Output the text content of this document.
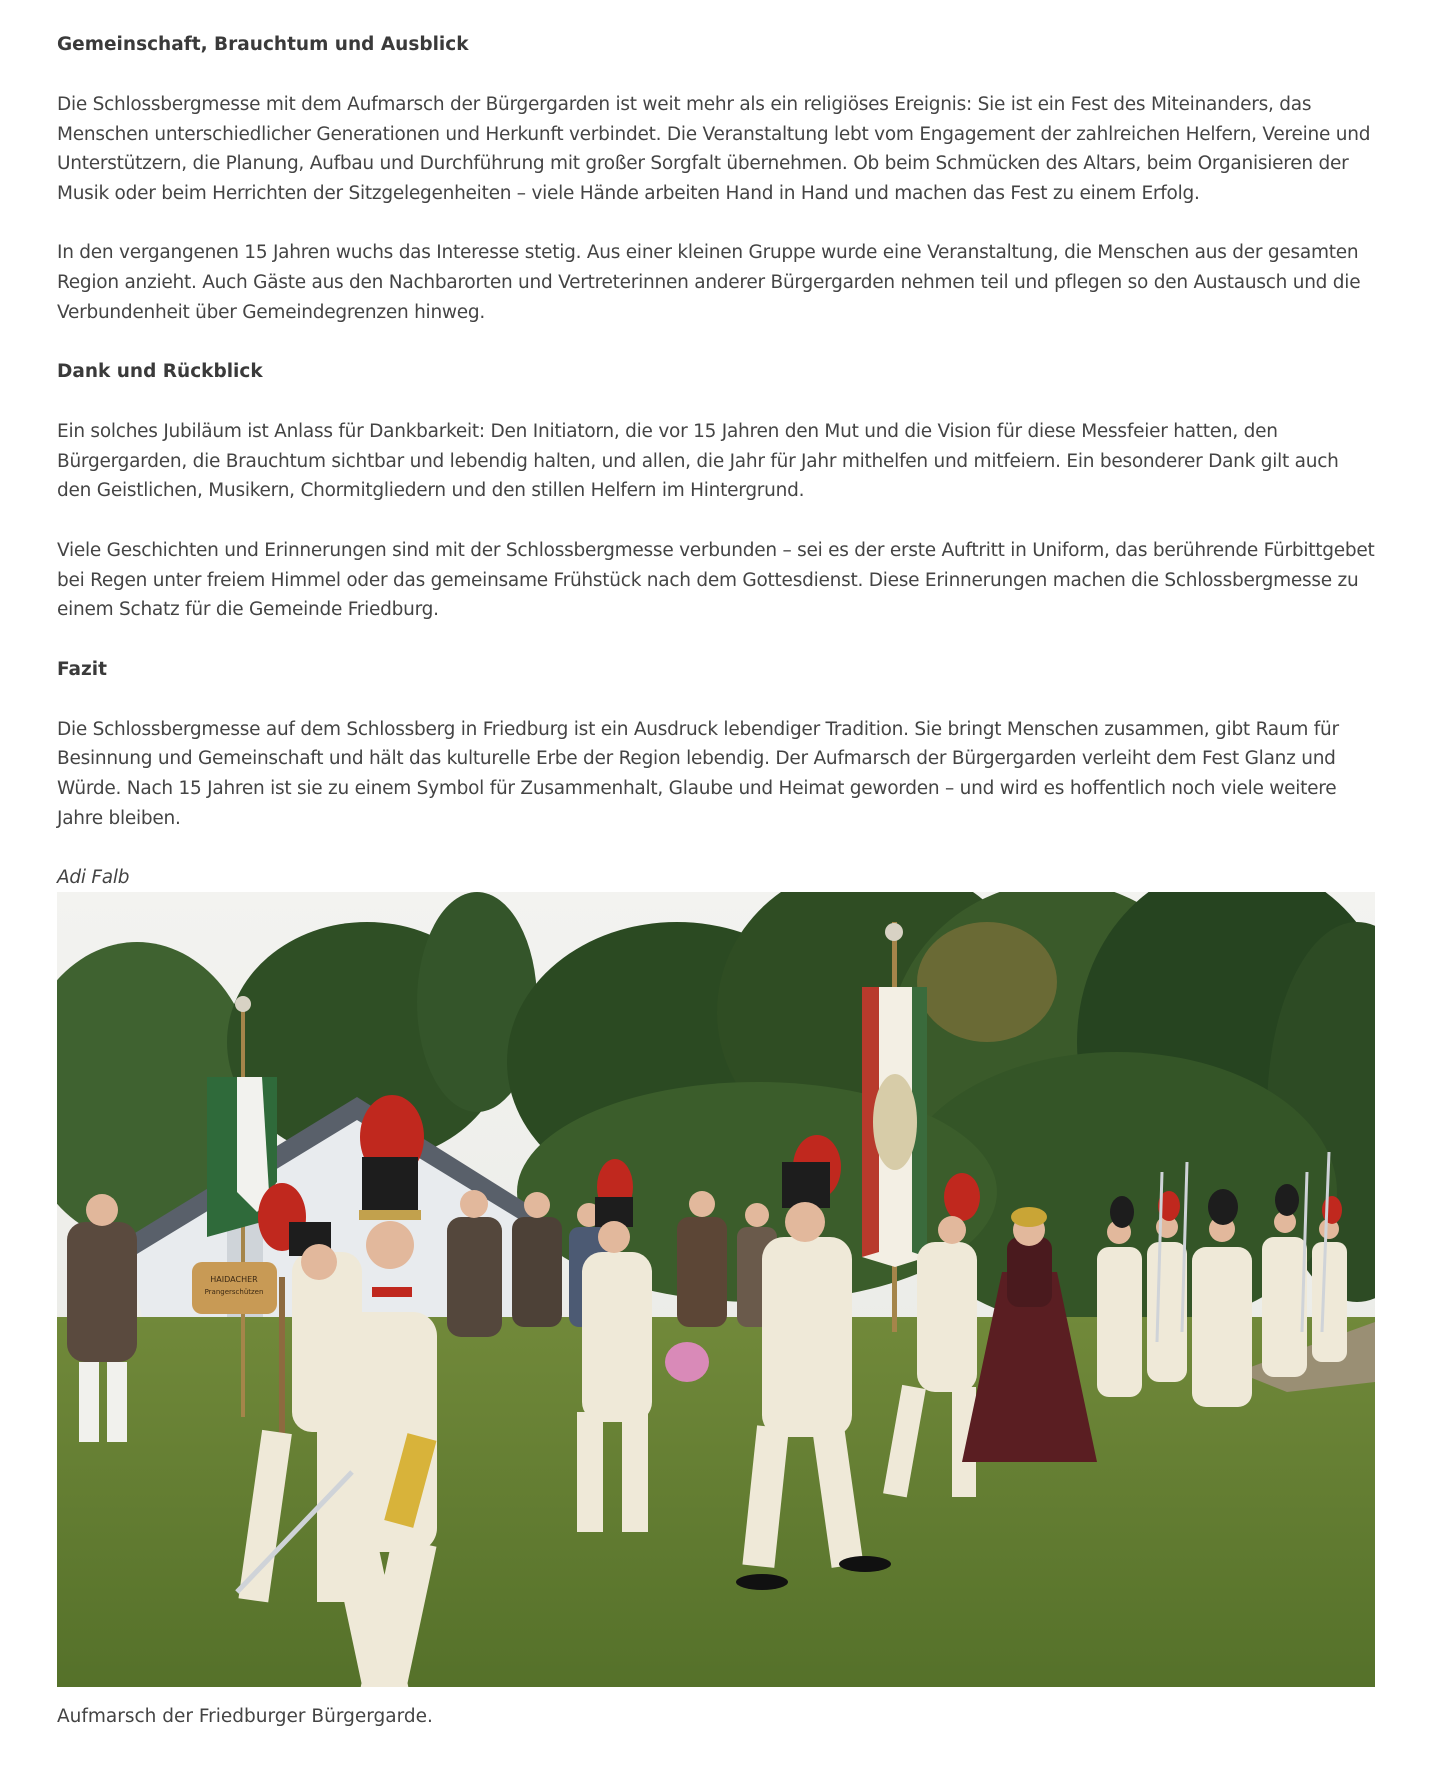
Gemeinschaft, Brauchtum und Ausblick

Die Schlossbergmesse mit dem Aufmarsch der Bürgergarden ist weit mehr als ein religiöses Ereignis: Sie ist ein Fest des Miteinanders, das Menschen unterschiedlicher Generationen und Herkunft verbindet. Die Veranstaltung lebt vom Engagement der zahlreichen Helfern, Vereine und Unterstützern, die Planung, Aufbau und Durchführung mit großer Sorgfalt übernehmen. Ob beim Schmücken des Altars, beim Organisieren der Musik oder beim Herrichten der Sitzgelegenheiten – viele Hände arbeiten Hand in Hand und machen das Fest zu einem Erfolg.

In den vergangenen 15 Jahren wuchs das Interesse stetig. Aus einer kleinen Gruppe wurde eine Veranstaltung, die Menschen aus der gesamten Region anzieht. Auch Gäste aus den Nachbarorten und Vertreterinnen anderer Bürgergarden nehmen teil und pflegen so den Austausch und die Verbundenheit über Gemeindegrenzen hinweg.

Dank und Rückblick

Ein solches Jubiläum ist Anlass für Dankbarkeit: Den Initiatorn, die vor 15 Jahren den Mut und die Vision für diese Messfeier hatten, den Bürgergarden, die Brauchtum sichtbar und lebendig halten, und allen, die Jahr für Jahr mithelfen und mitfeiern. Ein besonderer Dank gilt auch den Geistlichen, Musikern, Chormitgliedern und den stillen Helfern im Hintergrund.

Viele Geschichten und Erinnerungen sind mit der Schlossbergmesse verbunden – sei es der erste Auftritt in Uniform, das berührende Fürbittgebet bei Regen unter freiem Himmel oder das gemeinsame Frühstück nach dem Gottesdienst. Diese Erinnerungen machen die Schlossbergmesse zu einem Schatz für die Gemeinde Friedburg.

Fazit

Die Schlossbergmesse auf dem Schlossberg in Friedburg ist ein Ausdruck lebendiger Tradition. Sie bringt Menschen zusammen, gibt Raum für Besinnung und Gemeinschaft und hält das kulturelle Erbe der Region lebendig. Der Aufmarsch der Bürgergarden verleiht dem Fest Glanz und Würde. Nach 15 Jahren ist sie zu einem Symbol für Zusammenhalt, Glaube und Heimat geworden – und wird es hoffentlich noch viele weitere Jahre bleiben.

Adi Falb

HAIDACHER
Prangerschützen

Aufmarsch der Friedburger Bürgergarde.
